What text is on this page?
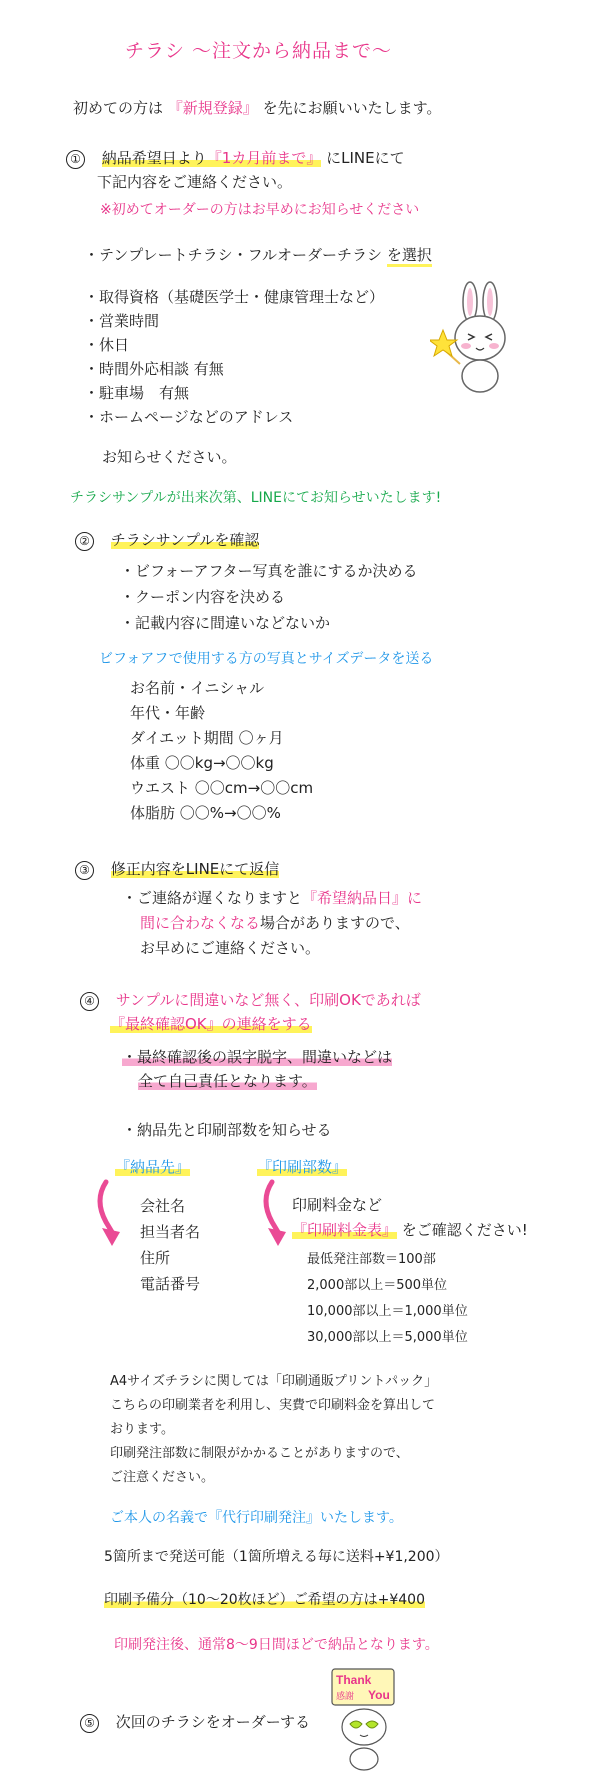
チラシ 〜注文から納品まで〜
初めての方は 『新規登録』 を先にお願いいたします。
① 納品希望日より『1カ月前まで』 にLINEにて
下記内容をご連絡ください。
※初めてオーダーの方はお早めにお知らせください
・テンプレートチラシ・フルオーダーチラシ を選択
・取得資格（基礎医学士・健康管理士など）
・営業時間
・休日
・時間外応相談 有無
・駐車場　有無
・ホームページなどのアドレス
お知らせください。
チラシサンプルが出来次第、LINEにてお知らせいたします!
② チラシサンプルを確認
・ビフォーアフター写真を誰にするか決める
・クーポン内容を決める
・記載内容に間違いなどないか
ビフォアフで使用する方の写真とサイズデータを送る
お名前・イニシャル
年代・年齢
ダイエット期間 〇ヶ月
体重 〇〇kg→〇〇kg
ウエスト 〇〇cm→〇〇cm
体脂肪 〇〇%→〇〇%
③ 修正内容をLINEにて返信
・ご連絡が遅くなりますと『希望納品日』に
間に合わなくなる場合がありますので、
お早めにご連絡ください。
④ サンプルに間違いなど無く、印刷OKであれば
『最終確認OK』の連絡をする
・最終確認後の誤字脱字、間違いなどは
全て自己責任となります。
・納品先と印刷部数を知らせる
『納品先』	『印刷部数』
会社名
担当者名
住所
電話番号
印刷料金など
『印刷料金表』 をご確認ください!
最低発注部数＝100部
2,000部以上＝500単位
10,000部以上＝1,000単位
30,000部以上＝5,000単位
A4サイズチラシに関しては「印刷通販プリントパック」
こちらの印刷業者を利用し、実費で印刷料金を算出して
おります。
印刷発注部数に制限がかかることがありますので、
ご注意ください。
ご本人の名義で『代行印刷発注』いたします。
5箇所まで発送可能（1箇所増える毎に送料+¥1,200）
印刷予備分（10〜20枚ほど）ご希望の方は+¥400
印刷発注後、通常8〜9日間ほどで納品となります。
⑤ 次回のチラシをオーダーする
Thank
感謝 You
